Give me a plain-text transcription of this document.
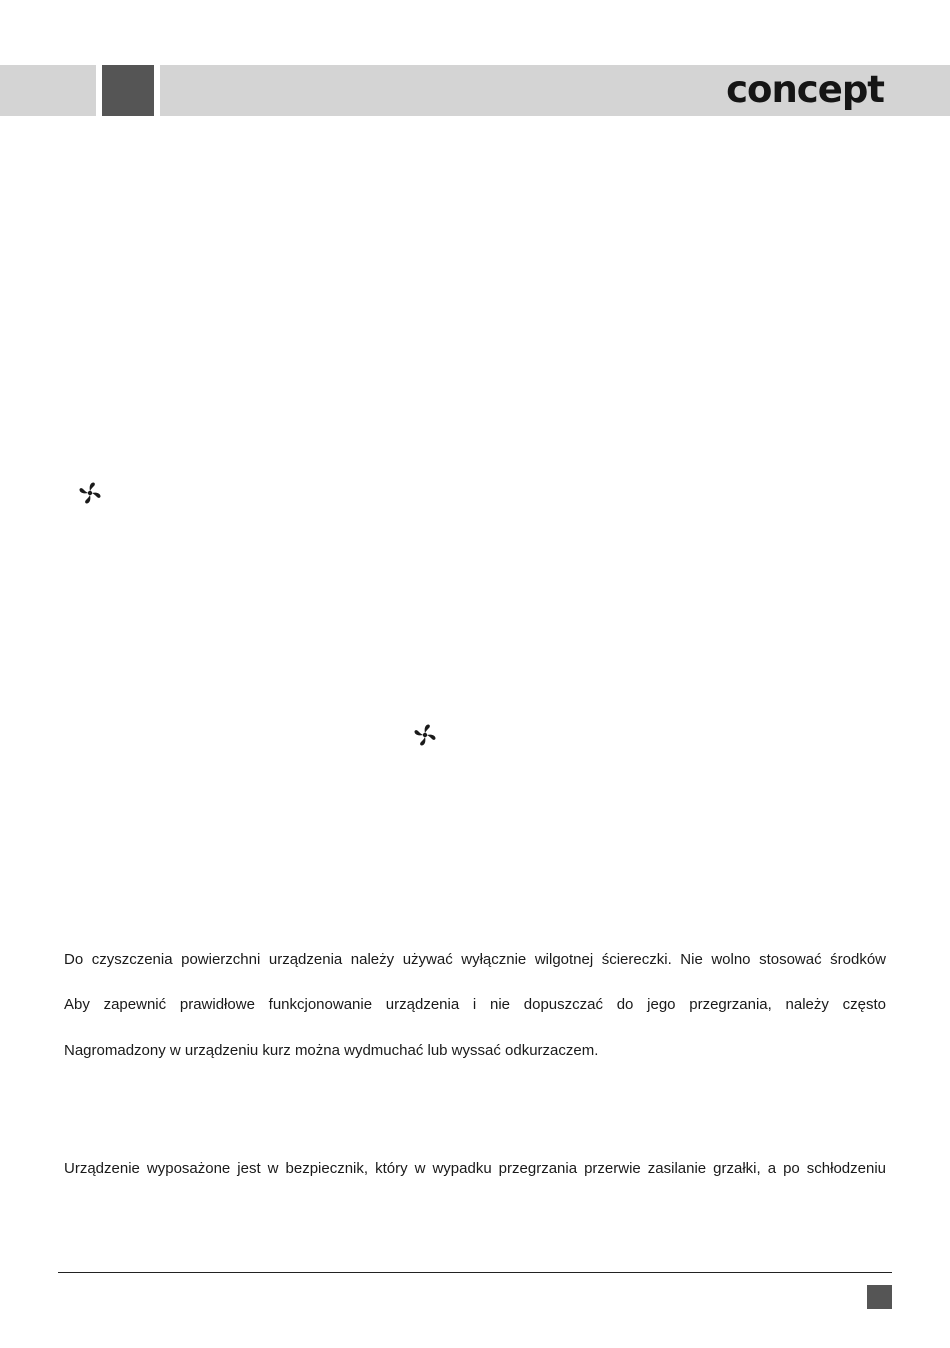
concept
Do czyszczenia powierzchni urządzenia należy używać wyłącznie wilgotnej ściereczki. Nie wolno stosować środków
Aby zapewnić prawidłowe funkcjonowanie urządzenia i nie dopuszczać do jego przegrzania, należy często
Nagromadzony w urządzeniu kurz można wydmuchać lub wyssać odkurzaczem.
Urządzenie wyposażone jest w bezpiecznik, który w wypadku przegrzania przerwie zasilanie grzałki, a po schłodzeniu
